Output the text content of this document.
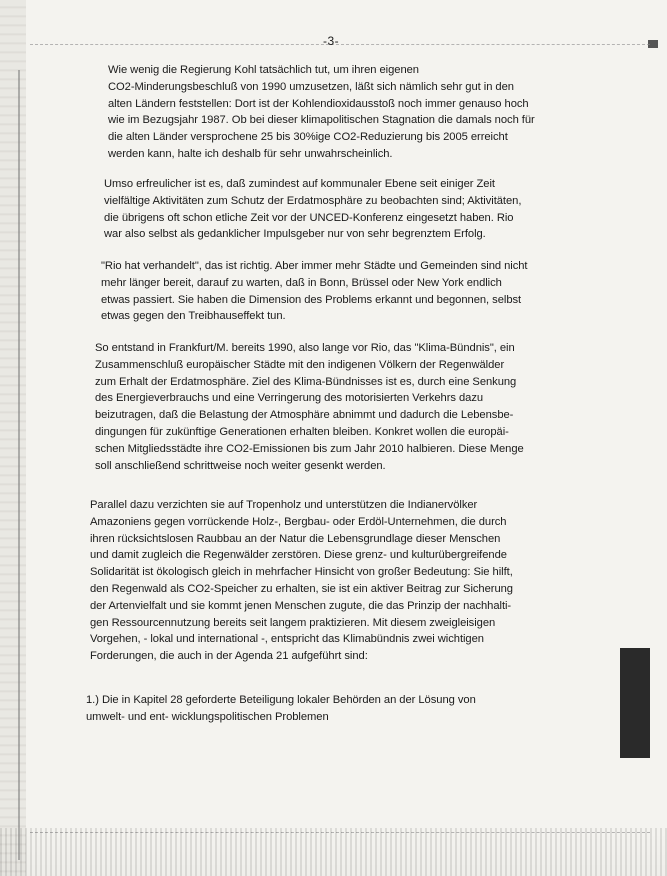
-3-

Wie wenig die Regierung Kohl tatsächlich tut, um ihren eigenen
CO2-Minderungsbeschluß von 1990 umzusetzen, läßt sich nämlich sehr gut in den
alten Ländern feststellen: Dort ist der Kohlendioxidausstoß noch immer genauso hoch
wie im Bezugsjahr 1987. Ob bei dieser klimapolitischen Stagnation die damals noch für
die alten Länder versprochene 25 bis 30%ige CO2-Reduzierung bis 2005 erreicht
werden kann, halte ich deshalb für sehr unwahrscheinlich.

Umso erfreulicher ist es, daß zumindest auf kommunaler Ebene seit einiger Zeit
vielfältige Aktivitäten zum Schutz der Erdatmosphäre zu beobachten sind; Aktivitäten,
die übrigens oft schon etliche Zeit vor der UNCED-Konferenz eingesetzt haben. Rio
war also selbst als gedanklicher Impulsgeber nur von sehr begrenztem Erfolg.

"Rio hat verhandelt", das ist richtig. Aber immer mehr Städte und Gemeinden sind nicht
mehr länger bereit, darauf zu warten, daß in Bonn, Brüssel oder New York endlich
etwas passiert. Sie haben die Dimension des Problems erkannt und begonnen, selbst
etwas gegen den Treibhauseffekt tun.

So entstand in Frankfurt/M. bereits 1990, also lange vor Rio, das "Klima-Bündnis", ein
Zusammenschluß europäischer Städte mit den indigenen Völkern der Regenwälder
zum Erhalt der Erdatmosphäre. Ziel des Klima-Bündnisses ist es, durch eine Senkung
des Energieverbrauchs und eine Verringerung des motorisierten Verkehrs dazu
beizutragen, daß die Belastung der Atmosphäre abnimmt und dadurch die Lebensbe-
dingungen für zukünftige Generationen erhalten bleiben. Konkret wollen die europäi-
schen Mitgliedsstädte ihre CO2-Emissionen bis zum Jahr 2010 halbieren. Diese Menge
soll anschließend schrittweise noch weiter gesenkt werden.

Parallel dazu verzichten sie auf Tropenholz und unterstützen die Indianervölker
Amazoniens gegen vorrückende Holz-, Bergbau- oder Erdöl-Unternehmen, die durch
ihren rücksichtslosen Raubbau an der Natur die Lebensgrundlage dieser Menschen
und damit zugleich die Regenwälder zerstören. Diese grenz- und kulturübergreifende
Solidarität ist ökologisch gleich in mehrfacher Hinsicht von großer Bedeutung: Sie hilft,
den Regenwald als CO2-Speicher zu erhalten, sie ist ein aktiver Beitrag zur Sicherung
der Artenvielfalt und sie kommt jenen Menschen zugute, die das Prinzip der nachhalti-
gen Ressourcennutzung bereits seit langem praktizieren. Mit diesem zweigleisigen
Vorgehen, - lokal und international -, entspricht das Klimabündnis zwei wichtigen
Forderungen, die auch in der Agenda 21 aufgeführt sind:

1.) Die in Kapitel 28 geforderte Beteiligung lokaler Behörden an der Lösung von
umwelt- und ent- wicklungspolitischen Problemen
